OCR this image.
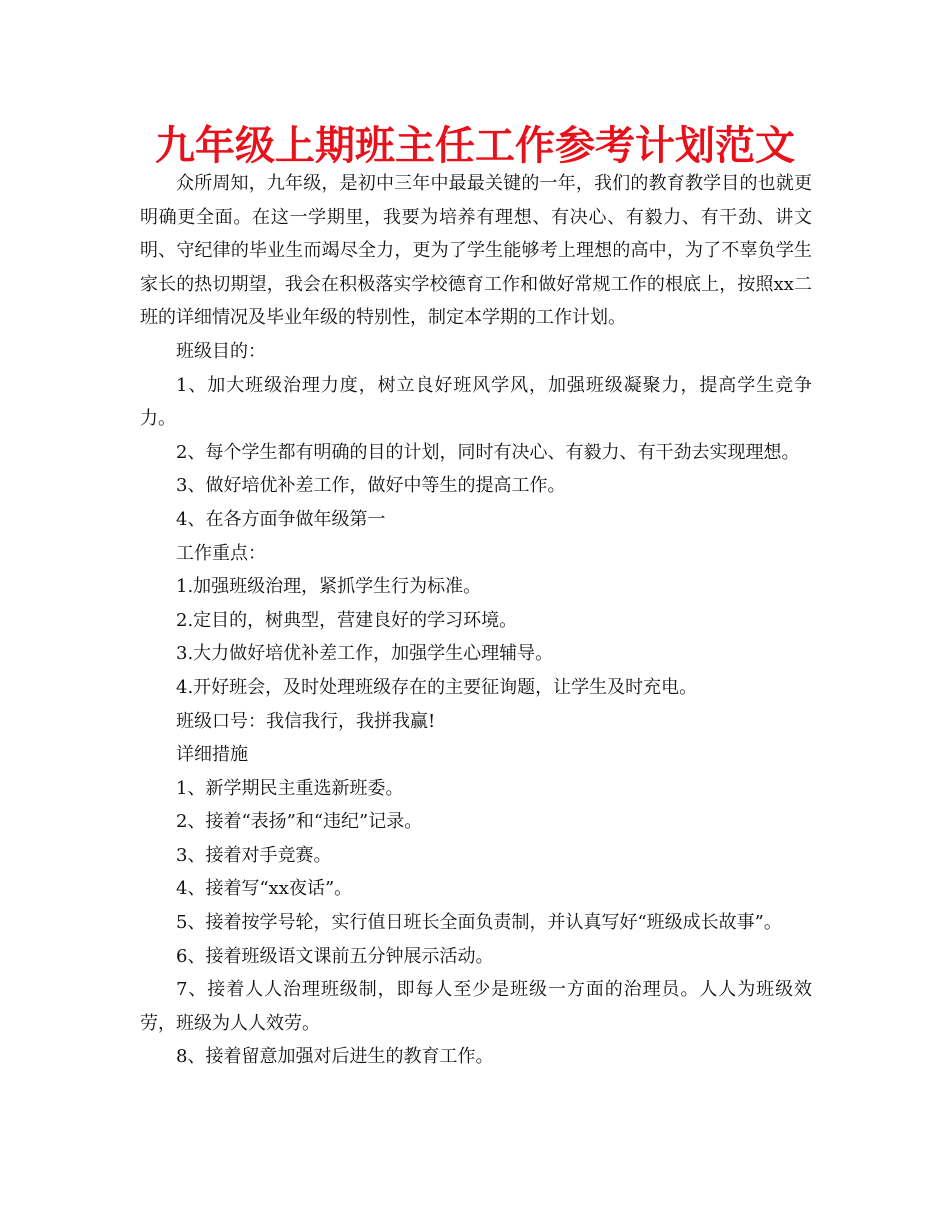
九年级上期班主任工作参考计划范文

众所周知，九年级，是初中三年中最最关键的一年，我们的教育教学目的也就更明确更全面。在这一学期里，我要为培养有理想、有决心、有毅力、有干劲、讲文明、守纪律的毕业生而竭尽全力，更为了学生能够考上理想的高中，为了不辜负学生家长的热切期望，我会在积极落实学校德育工作和做好常规工作的根底上，按照xx二班的详细情况及毕业年级的特别性，制定本学期的工作计划。

班级目的：

1、加大班级治理力度，树立良好班风学风，加强班级凝聚力，提高学生竞争力。

2、每个学生都有明确的目的计划，同时有决心、有毅力、有干劲去实现理想。

3、做好培优补差工作，做好中等生的提高工作。

4、在各方面争做年级第一

工作重点：

1.加强班级治理，紧抓学生行为标准。

2.定目的，树典型，营建良好的学习环境。

3.大力做好培优补差工作，加强学生心理辅导。

4.开好班会，及时处理班级存在的主要征询题，让学生及时充电。

班级口号：我信我行，我拼我赢!

详细措施

1、新学期民主重选新班委。

2、接着“表扬”和“违纪”记录。

3、接着对手竞赛。

4、接着写“xx夜话”。

5、接着按学号轮，实行值日班长全面负责制，并认真写好“班级成长故事”。

6、接着班级语文课前五分钟展示活动。

7、接着人人治理班级制，即每人至少是班级一方面的治理员。人人为班级效劳，班级为人人效劳。

8、接着留意加强对后进生的教育工作。
